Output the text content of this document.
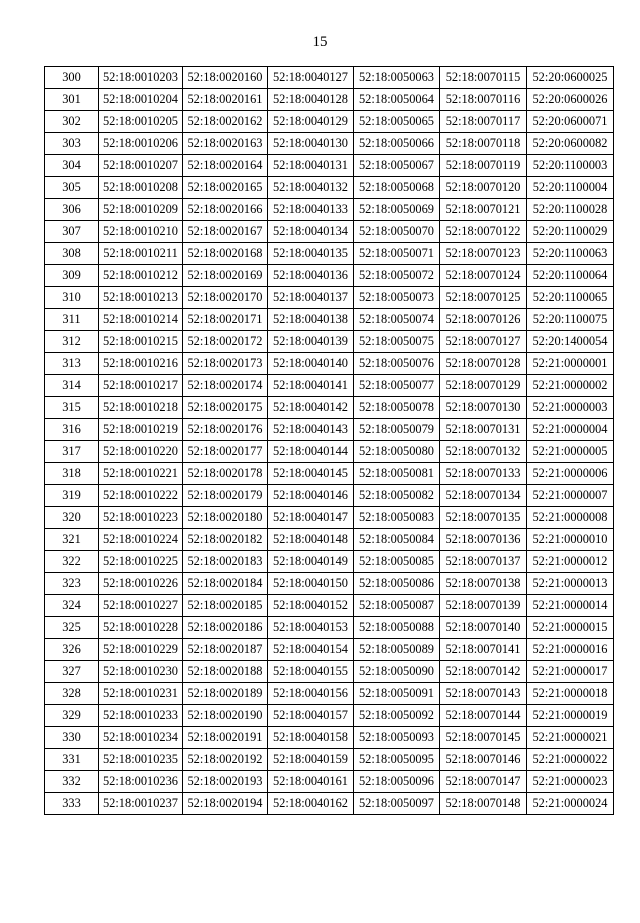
15
300	52:18:0010203	52:18:0020160	52:18:0040127	52:18:0050063	52:18:0070115	52:20:0600025
301	52:18:0010204	52:18:0020161	52:18:0040128	52:18:0050064	52:18:0070116	52:20:0600026
302	52:18:0010205	52:18:0020162	52:18:0040129	52:18:0050065	52:18:0070117	52:20:0600071
303	52:18:0010206	52:18:0020163	52:18:0040130	52:18:0050066	52:18:0070118	52:20:0600082
304	52:18:0010207	52:18:0020164	52:18:0040131	52:18:0050067	52:18:0070119	52:20:1100003
305	52:18:0010208	52:18:0020165	52:18:0040132	52:18:0050068	52:18:0070120	52:20:1100004
306	52:18:0010209	52:18:0020166	52:18:0040133	52:18:0050069	52:18:0070121	52:20:1100028
307	52:18:0010210	52:18:0020167	52:18:0040134	52:18:0050070	52:18:0070122	52:20:1100029
308	52:18:0010211	52:18:0020168	52:18:0040135	52:18:0050071	52:18:0070123	52:20:1100063
309	52:18:0010212	52:18:0020169	52:18:0040136	52:18:0050072	52:18:0070124	52:20:1100064
310	52:18:0010213	52:18:0020170	52:18:0040137	52:18:0050073	52:18:0070125	52:20:1100065
311	52:18:0010214	52:18:0020171	52:18:0040138	52:18:0050074	52:18:0070126	52:20:1100075
312	52:18:0010215	52:18:0020172	52:18:0040139	52:18:0050075	52:18:0070127	52:20:1400054
313	52:18:0010216	52:18:0020173	52:18:0040140	52:18:0050076	52:18:0070128	52:21:0000001
314	52:18:0010217	52:18:0020174	52:18:0040141	52:18:0050077	52:18:0070129	52:21:0000002
315	52:18:0010218	52:18:0020175	52:18:0040142	52:18:0050078	52:18:0070130	52:21:0000003
316	52:18:0010219	52:18:0020176	52:18:0040143	52:18:0050079	52:18:0070131	52:21:0000004
317	52:18:0010220	52:18:0020177	52:18:0040144	52:18:0050080	52:18:0070132	52:21:0000005
318	52:18:0010221	52:18:0020178	52:18:0040145	52:18:0050081	52:18:0070133	52:21:0000006
319	52:18:0010222	52:18:0020179	52:18:0040146	52:18:0050082	52:18:0070134	52:21:0000007
320	52:18:0010223	52:18:0020180	52:18:0040147	52:18:0050083	52:18:0070135	52:21:0000008
321	52:18:0010224	52:18:0020182	52:18:0040148	52:18:0050084	52:18:0070136	52:21:0000010
322	52:18:0010225	52:18:0020183	52:18:0040149	52:18:0050085	52:18:0070137	52:21:0000012
323	52:18:0010226	52:18:0020184	52:18:0040150	52:18:0050086	52:18:0070138	52:21:0000013
324	52:18:0010227	52:18:0020185	52:18:0040152	52:18:0050087	52:18:0070139	52:21:0000014
325	52:18:0010228	52:18:0020186	52:18:0040153	52:18:0050088	52:18:0070140	52:21:0000015
326	52:18:0010229	52:18:0020187	52:18:0040154	52:18:0050089	52:18:0070141	52:21:0000016
327	52:18:0010230	52:18:0020188	52:18:0040155	52:18:0050090	52:18:0070142	52:21:0000017
328	52:18:0010231	52:18:0020189	52:18:0040156	52:18:0050091	52:18:0070143	52:21:0000018
329	52:18:0010233	52:18:0020190	52:18:0040157	52:18:0050092	52:18:0070144	52:21:0000019
330	52:18:0010234	52:18:0020191	52:18:0040158	52:18:0050093	52:18:0070145	52:21:0000021
331	52:18:0010235	52:18:0020192	52:18:0040159	52:18:0050095	52:18:0070146	52:21:0000022
332	52:18:0010236	52:18:0020193	52:18:0040161	52:18:0050096	52:18:0070147	52:21:0000023
333	52:18:0010237	52:18:0020194	52:18:0040162	52:18:0050097	52:18:0070148	52:21:0000024
